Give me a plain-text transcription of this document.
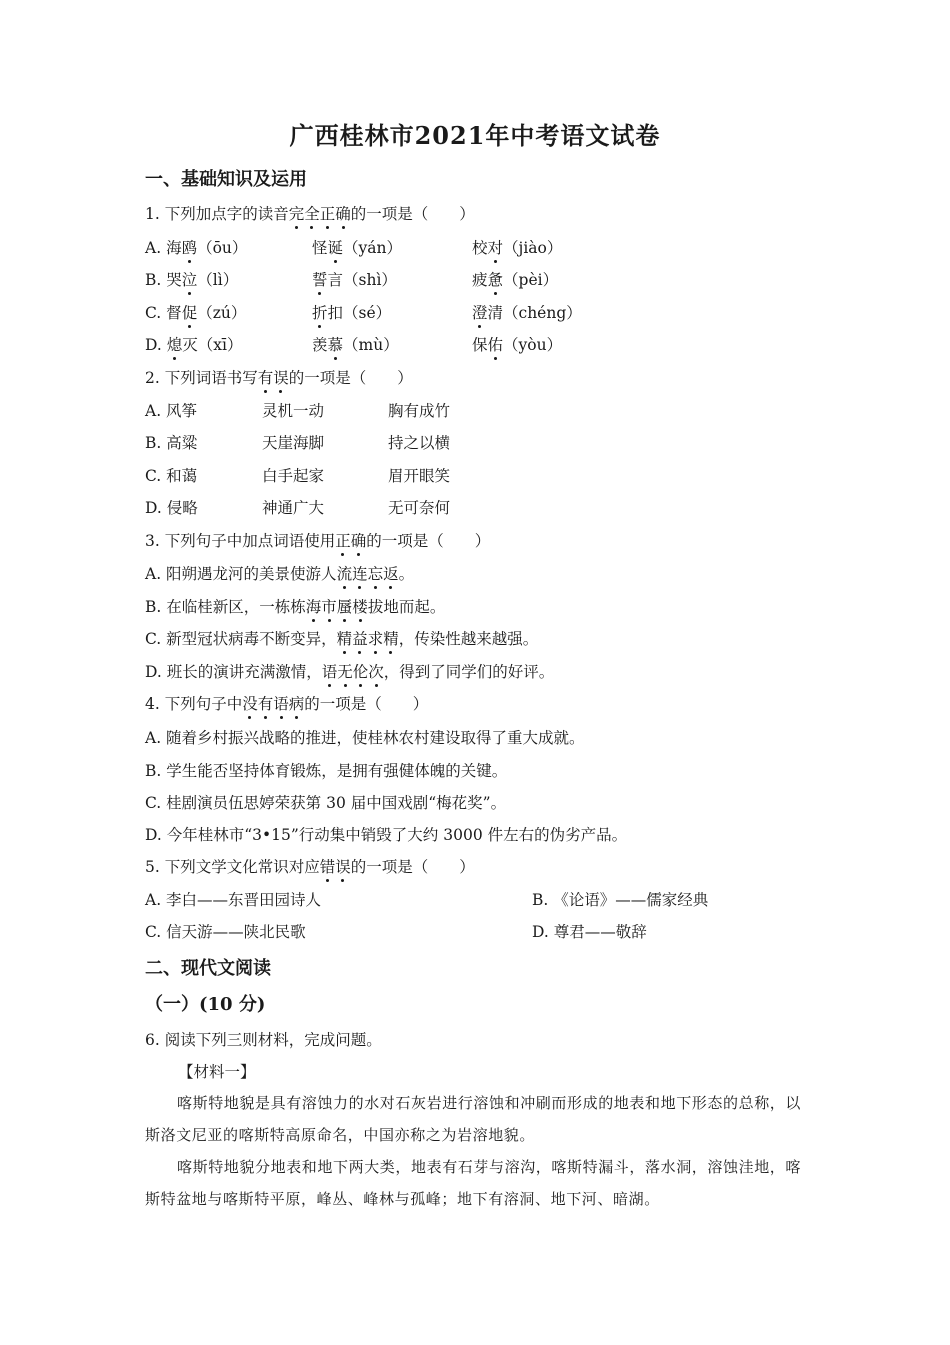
广西桂林市2021年中考语文试卷
一、基础知识及运用
1. 下列加点字的读音完全正确的一项是（　　）
A. 海鸥（ōu）	怪诞（yán）	校对（jiào）
B. 哭泣（lì）	誓言（shì）	疲惫（pèi）
C. 督促（zú）	折扣（sé）	澄清（chéng）
D. 熄灭（xī）	羡慕（mù）	保佑（yòu）
2. 下列词语书写有误的一项是（　　）
A. 风筝	灵机一动	胸有成竹
B. 高粱	天崖海脚	持之以横
C. 和蔼	白手起家	眉开眼笑
D. 侵略	神通广大	无可奈何
3. 下列句子中加点词语使用正确的一项是（　　）
A. 阳朔遇龙河的美景使游人流连忘返。
B. 在临桂新区，一栋栋海市蜃楼拔地而起。
C. 新型冠状病毒不断变异，精益求精，传染性越来越强。
D. 班长的演讲充满激情，语无伦次，得到了同学们的好评。
4. 下列句子中没有语病的一项是（　　）
A. 随着乡村振兴战略的推进，使桂林农村建设取得了重大成就。
B. 学生能否坚持体育锻炼，是拥有强健体魄的关键。
C. 桂剧演员伍思婷荣获第 30 届中国戏剧“梅花奖”。
D. 今年桂林市“3•15”行动集中销毁了大约 3000 件左右的伪劣产品。
5. 下列文学文化常识对应错误的一项是（　　）
A. 李白——东晋田园诗人	B. 《论语》——儒家经典
C. 信天游——陕北民歌	D. 尊君——敬辞
二、现代文阅读
（一）(10 分)
6. 阅读下列三则材料，完成问题。
【材料一】
喀斯特地貌是具有溶蚀力的水对石灰岩进行溶蚀和冲刷而形成的地表和地下形态的总称，以斯洛文尼亚的喀斯特高原命名，中国亦称之为岩溶地貌。
喀斯特地貌分地表和地下两大类，地表有石芽与溶沟，喀斯特漏斗，落水洞，溶蚀洼地，喀斯特盆地与喀斯特平原，峰丛、峰林与孤峰；地下有溶洞、地下河、暗湖。
